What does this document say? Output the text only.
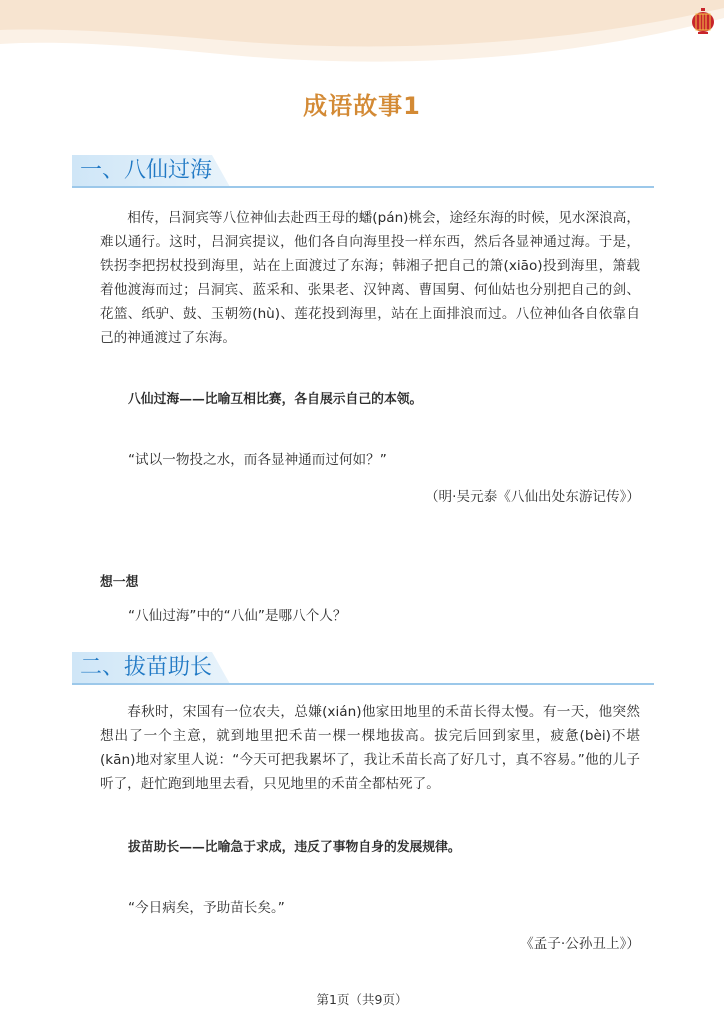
成语故事1
一、八仙过海

相传，吕洞宾等八位神仙去赴西王母的蟠(pán)桃会，途经东海的时候，见水深浪高，难以通行。这时，吕洞宾提议，他们各自向海里投一样东西，然后各显神通过海。于是，铁拐李把拐杖投到海里，站在上面渡过了东海；韩湘子把自己的箫(xiāo)投到海里，箫载着他渡海而过；吕洞宾、蓝采和、张果老、汉钟离、曹国舅、何仙姑也分别把自己的剑、花篮、纸驴、鼓、玉朝笏(hù)、莲花投到海里，站在上面排浪而过。八位神仙各自依靠自己的神通渡过了东海。

八仙过海——比喻互相比赛，各自展示自己的本领。
“试以一物投之水，而各显神通而过何如？”
（明·吴元泰《八仙出处东游记传》）
想一想
“八仙过海”中的“八仙”是哪八个人？
二、拔苗助长

春秋时，宋国有一位农夫，总嫌(xián)他家田地里的禾苗长得太慢。有一天，他突然想出了一个主意，就到地里把禾苗一棵一棵地拔高。拔完后回到家里，疲惫(bèi)不堪(kān)地对家里人说：“今天可把我累坏了，我让禾苗长高了好几寸，真不容易。”他的儿子听了，赶忙跑到地里去看，只见地里的禾苗全都枯死了。

拔苗助长——比喻急于求成，违反了事物自身的发展规律。
“今日病矣，予助苗长矣。”
《孟子·公孙丑上》）
第1页（共9页）
